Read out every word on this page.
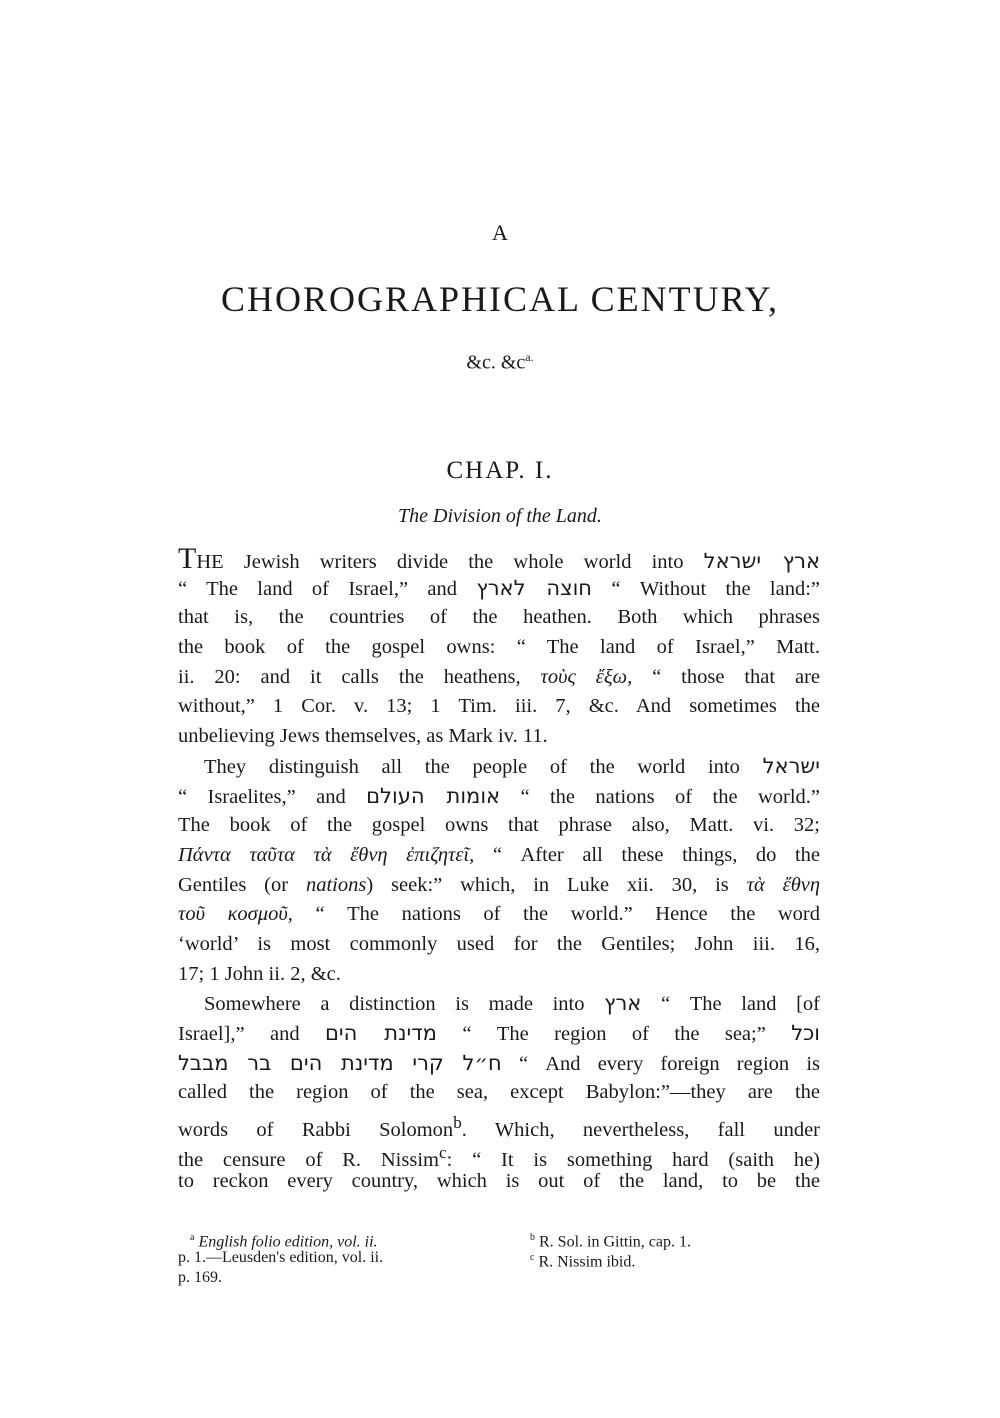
A
CHOROGRAPHICAL CENTURY,
&c. $\&c^{a.}$
CHAP. I.
The Division of the Land.
THE Jewish writers divide the whole world into ארץ ישראל
“ The land of Israel,” and חוצה לארץ “ Without the land:”
that is, the countries of the heathen. Both which phrases
the book of the gospel owns: “ The land of Israel,” Matt.
ii. 20: and it calls the heathens, τοὺς ἔξω, “ those that are
without,” 1 Cor. v. 13; 1 Tim. iii. 7, &c. And sometimes the
unbelieving Jews themselves, as Mark iv. 11.
They distinguish all the people of the world into ישראל
“ Israelites,” and אומות העולם “ the nations of the world.”
The book of the gospel owns that phrase also, Matt. vi. 32;
Πάντα ταῦτα τὰ ἔθνη ἐπιζητεῖ, “ After all these things, do the
Gentiles (or nations) seek:” which, in Luke xii. 30, is τὰ ἔθνη
τοῦ κοσμοῦ, “ The nations of the world.” Hence the word
‘world’ is most commonly used for the Gentiles; John iii. 16,
17; 1 John ii. 2, &c.
Somewhere a distinction is made into ארץ “ The land [of
Israel],” and מדינת הים “ The region of the sea;” וכל
ח״ל קרי מדינת הים בר מבבל “ And every foreign region is
called the region of the sea, except Babylon:”—they are the
words of Rabbi Solomon$^b$. Which, nevertheless, fall under
the censure of R. Nissim$^c$: “ It is something hard (saith he)
to reckon every country, which is out of the land, to be the
$^a$ English folio edition, vol. ii.
p. 1.—Leusden's edition, vol. ii.
p. 169.
$^b$ R. Sol. in Gittin, cap. 1.
$^c$ R. Nissim ibid.
